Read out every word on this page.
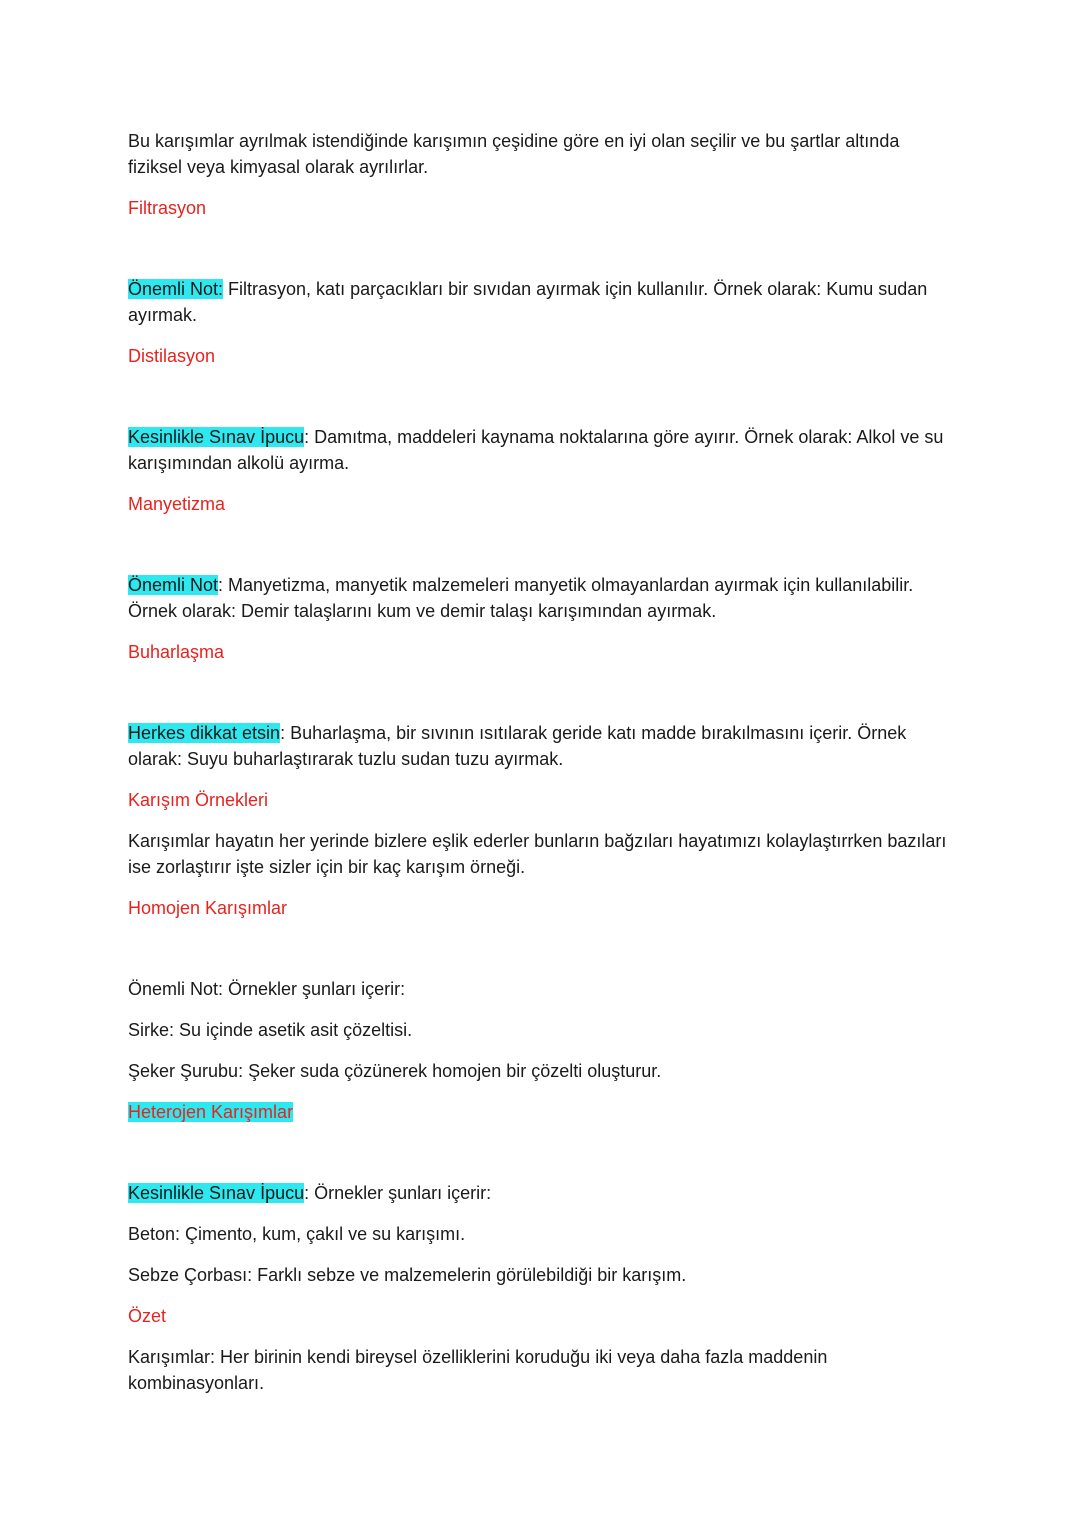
Bu karışımlar ayrılmak istendiğinde karışımın çeşidine göre en iyi olan seçilir ve bu şartlar altında fiziksel veya kimyasal olarak ayrılırlar.

Filtrasyon

Önemli Not: Filtrasyon, katı parçacıkları bir sıvıdan ayırmak için kullanılır. Örnek olarak: Kumu sudan ayırmak.

Distilasyon

Kesinlikle Sınav İpucu: Damıtma, maddeleri kaynama noktalarına göre ayırır. Örnek olarak: Alkol ve su karışımından alkolü ayırma.

Manyetizma

Önemli Not: Manyetizma, manyetik malzemeleri manyetik olmayanlardan ayırmak için kullanılabilir. Örnek olarak: Demir talaşlarını kum ve demir talaşı karışımından ayırmak.

Buharlaşma

Herkes dikkat etsin: Buharlaşma, bir sıvının ısıtılarak geride katı madde bırakılmasını içerir. Örnek olarak: Suyu buharlaştırarak tuzlu sudan tuzu ayırmak.

Karışım Örnekleri

Karışımlar hayatın her yerinde bizlere eşlik ederler bunların bağzıları hayatımızı kolaylaştırrken bazıları ise zorlaştırır işte sizler için bir kaç karışım örneği.

Homojen Karışımlar

Önemli Not: Örnekler şunları içerir:

Sirke: Su içinde asetik asit çözeltisi.

Şeker Şurubu: Şeker suda çözünerek homojen bir çözelti oluşturur.

Heterojen Karışımlar

Kesinlikle Sınav İpucu: Örnekler şunları içerir:

Beton: Çimento, kum, çakıl ve su karışımı.

Sebze Çorbası: Farklı sebze ve malzemelerin görülebildiği bir karışım.

Özet

Karışımlar: Her birinin kendi bireysel özelliklerini koruduğu iki veya daha fazla maddenin kombinasyonları.
